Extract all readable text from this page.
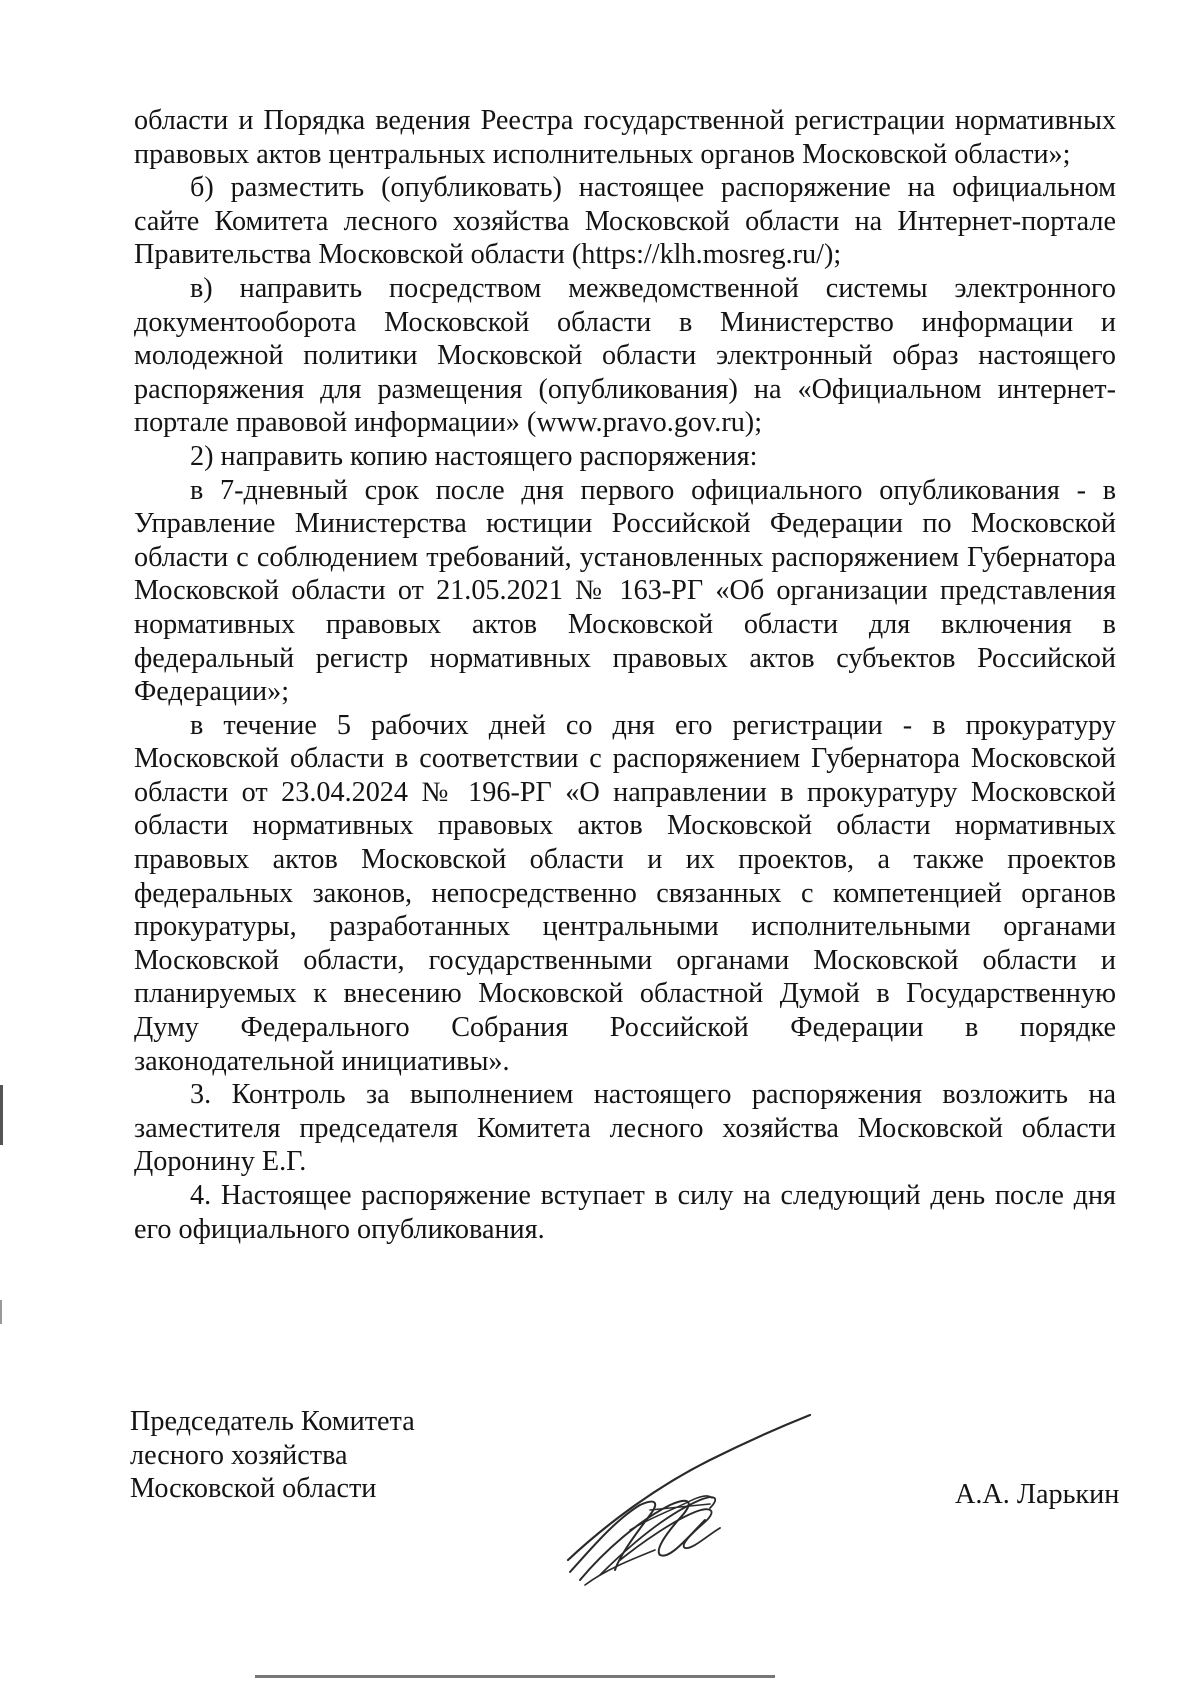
области и Порядка ведения Реестра государственной регистрации нормативных правовых актов центральных исполнительных органов Московской области»;

б) разместить (опубликовать) настоящее распоряжение на официальном сайте Комитета лесного хозяйства Московской области на Интернет-портале Правительства Московской области (https://klh.mosreg.ru/);

в) направить посредством межведомственной системы электронного документооборота Московской области в Министерство информации и молодежной политики Московской области электронный образ настоящего распоряжения для размещения (опубликования) на «Официальном интернет-портале правовой информации» (www.pravo.gov.ru);

2) направить копию настоящего распоряжения:

в 7-дневный срок после дня первого официального опубликования - в Управление Министерства юстиции Российской Федерации по Московской области с соблюдением требований, установленных распоряжением Губернатора Московской области от 21.05.2021 № 163-РГ «Об организации представления нормативных правовых актов Московской области для включения в федеральный регистр нормативных правовых актов субъектов Российской Федерации»;

в течение 5 рабочих дней со дня его регистрации - в прокуратуру Московской области в соответствии с распоряжением Губернатора Московской области от 23.04.2024 № 196-РГ «О направлении в прокуратуру Московской области нормативных правовых актов Московской области нормативных правовых актов Московской области и их проектов, а также проектов федеральных законов, непосредственно связанных с компетенцией органов прокуратуры, разработанных центральными исполнительными органами Московской области, государственными органами Московской области и планируемых к внесению Московской областной Думой в Государственную Думу Федерального Собрания Российской Федерации в порядке законодательной инициативы».

3. Контроль за выполнением настоящего распоряжения возложить на заместителя председателя Комитета лесного хозяйства Московской области Доронину Е.Г.

4. Настоящее распоряжение вступает в силу на следующий день после дня его официального опубликования.

Председатель Комитета
лесного хозяйства
Московской области	А.А. Ларькин
